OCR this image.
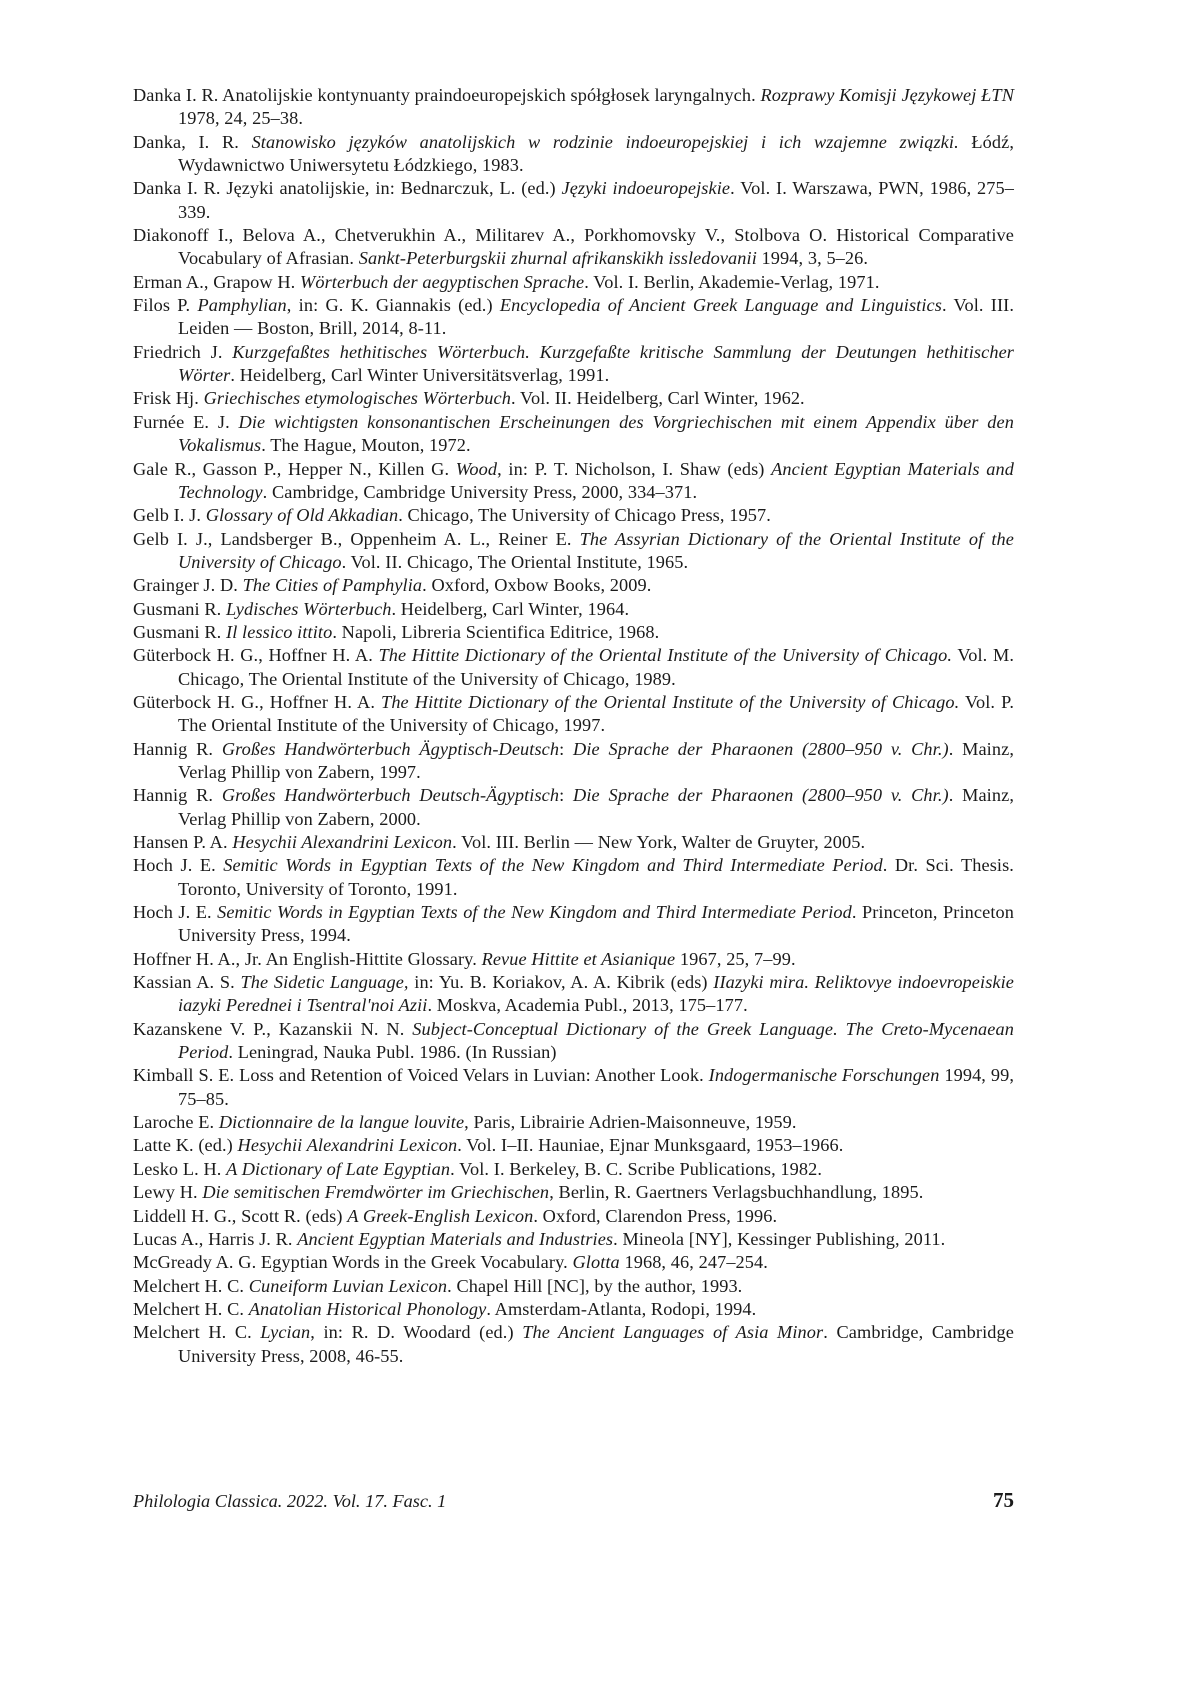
Danka I. R. Anatolijskie kontynuanty praindoeuropejskich spółgłosek laryngalnych. Rozprawy Komisji Językowej ŁTN 1978, 24, 25–38.

Danka, I. R. Stanowisko języków anatolijskich w rodzinie indoeuropejskiej i ich wzajemne związki. Łódź, Wydawnictwo Uniwersytetu Łódzkiego, 1983.

Danka I. R. Języki anatolijskie, in: Bednarczuk, L. (ed.) Języki indoeuropejskie. Vol. I. Warszawa, PWN, 1986, 275–339.

Diakonoff I., Belova A., Chetverukhin A., Militarev A., Porkhomovsky V., Stolbova O. Historical Comparative Vocabulary of Afrasian. Sankt-Peterburgskii zhurnal afrikanskikh issledovanii 1994, 3, 5–26.

Erman A., Grapow H. Wörterbuch der aegyptischen Sprache. Vol. I. Berlin, Akademie-Verlag, 1971.

Filos P. Pamphylian, in: G. K. Giannakis (ed.) Encyclopedia of Ancient Greek Language and Linguistics. Vol. III. Leiden — Boston, Brill, 2014, 8-11.

Friedrich J. Kurzgefaßtes hethitisches Wörterbuch. Kurzgefaßte kritische Sammlung der Deutungen hethitischer Wörter. Heidelberg, Carl Winter Universitätsverlag, 1991.

Frisk Hj. Griechisches etymologisches Wörterbuch. Vol. II. Heidelberg, Carl Winter, 1962.

Furnée E. J. Die wichtigsten konsonantischen Erscheinungen des Vorgriechischen mit einem Appendix über den Vokalismus. The Hague, Mouton, 1972.

Gale R., Gasson P., Hepper N., Killen G. Wood, in: P. T. Nicholson, I. Shaw (eds) Ancient Egyptian Materials and Technology. Cambridge, Cambridge University Press, 2000, 334–371.

Gelb I. J. Glossary of Old Akkadian. Chicago, The University of Chicago Press, 1957.

Gelb I. J., Landsberger B., Oppenheim A. L., Reiner E. The Assyrian Dictionary of the Oriental Institute of the University of Chicago. Vol. II. Chicago, The Oriental Institute, 1965.

Grainger J. D. The Cities of Pamphylia. Oxford, Oxbow Books, 2009.

Gusmani R. Lydisches Wörterbuch. Heidelberg, Carl Winter, 1964.

Gusmani R. Il lessico ittito. Napoli, Libreria Scientifica Editrice, 1968.

Güterbock H. G., Hoffner H. A. The Hittite Dictionary of the Oriental Institute of the University of Chicago. Vol. M. Chicago, The Oriental Institute of the University of Chicago, 1989.

Güterbock H. G., Hoffner H. A. The Hittite Dictionary of the Oriental Institute of the University of Chicago. Vol. P. The Oriental Institute of the University of Chicago, 1997.

Hannig R. Großes Handwörterbuch Ägyptisch-Deutsch: Die Sprache der Pharaonen (2800–950 v. Chr.). Mainz, Verlag Phillip von Zabern, 1997.

Hannig R. Großes Handwörterbuch Deutsch-Ägyptisch: Die Sprache der Pharaonen (2800–950 v. Chr.). Mainz, Verlag Phillip von Zabern, 2000.

Hansen P. A. Hesychii Alexandrini Lexicon. Vol. III. Berlin — New York, Walter de Gruyter, 2005.

Hoch J. E. Semitic Words in Egyptian Texts of the New Kingdom and Third Intermediate Period. Dr. Sci. Thesis. Toronto, University of Toronto, 1991.

Hoch J. E. Semitic Words in Egyptian Texts of the New Kingdom and Third Intermediate Period. Princeton, Princeton University Press, 1994.

Hoffner H. A., Jr. An English-Hittite Glossary. Revue Hittite et Asianique 1967, 25, 7–99.

Kassian A. S. The Sidetic Language, in: Yu. B. Koriakov, A. A. Kibrik (eds) IIazyki mira. Reliktovye indoevropeiskie iazyki Perednei i Tsentral'noi Azii. Moskva, Academia Publ., 2013, 175–177.

Kazanskene V. P., Kazanskii N. N. Subject-Conceptual Dictionary of the Greek Language. The Creto-Mycenaean Period. Leningrad, Nauka Publ. 1986. (In Russian)

Kimball S. E. Loss and Retention of Voiced Velars in Luvian: Another Look. Indogermanische Forschungen 1994, 99, 75–85.

Laroche E. Dictionnaire de la langue louvite, Paris, Librairie Adrien-Maisonneuve, 1959.

Latte K. (ed.) Hesychii Alexandrini Lexicon. Vol. I–II. Hauniae, Ejnar Munksgaard, 1953–1966.

Lesko L. H. A Dictionary of Late Egyptian. Vol. I. Berkeley, B. C. Scribe Publications, 1982.

Lewy H. Die semitischen Fremdwörter im Griechischen, Berlin, R. Gaertners Verlagsbuchhandlung, 1895.

Liddell H. G., Scott R. (eds) A Greek-English Lexicon. Oxford, Clarendon Press, 1996.

Lucas A., Harris J. R. Ancient Egyptian Materials and Industries. Mineola [NY], Kessinger Publishing, 2011.

McGready A. G. Egyptian Words in the Greek Vocabulary. Glotta 1968, 46, 247–254.

Melchert H. C. Cuneiform Luvian Lexicon. Chapel Hill [NC], by the author, 1993.

Melchert H. C. Anatolian Historical Phonology. Amsterdam-Atlanta, Rodopi, 1994.

Melchert H. C. Lycian, in: R. D. Woodard (ed.) The Ancient Languages of Asia Minor. Cambridge, Cambridge University Press, 2008, 46-55.

Philologia Classica. 2022. Vol. 17. Fasc. 1	75
